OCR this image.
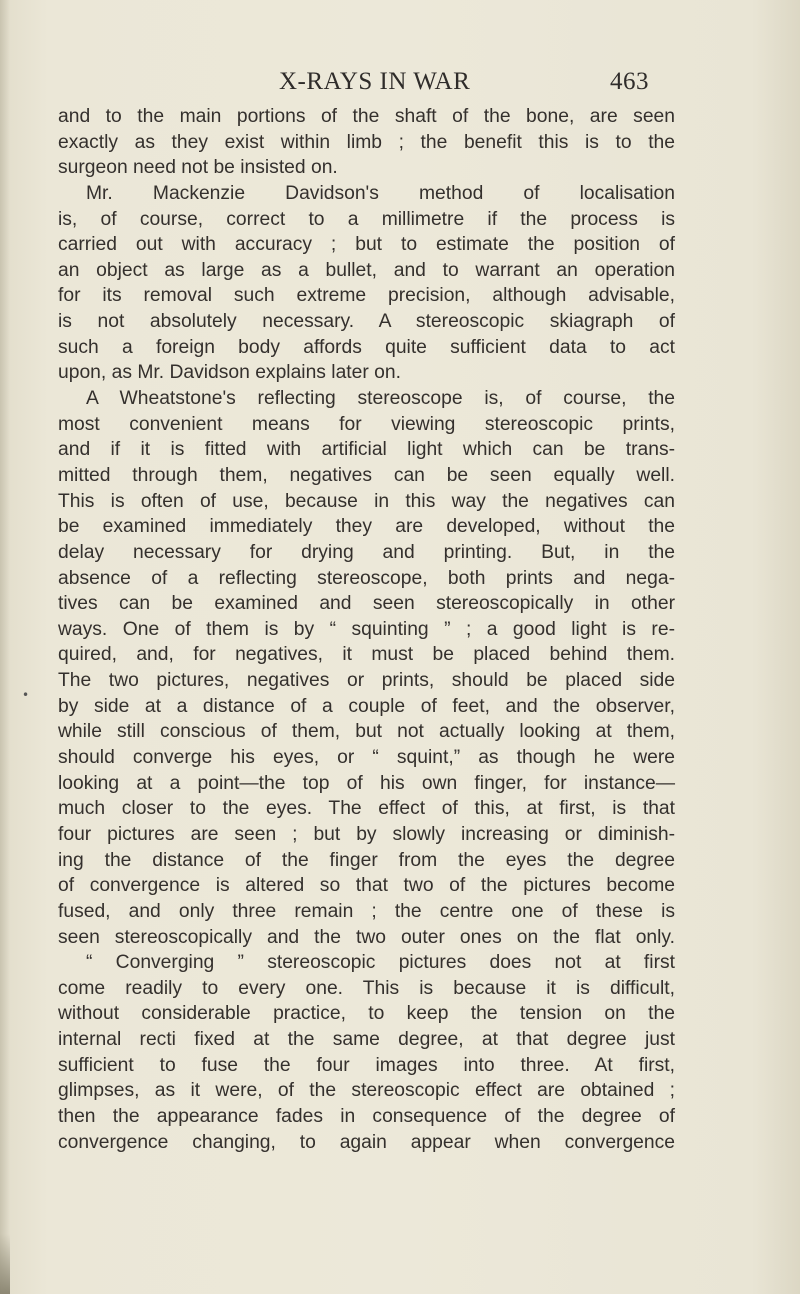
X-RAYS IN WAR	463
and to the main portions of the shaft of the bone, are seen
exactly as they exist within limb ; the benefit this is to the
surgeon need not be insisted on.
Mr. Mackenzie Davidson's method of localisation
is, of course, correct to a millimetre if the process is
carried out with accuracy ; but to estimate the position of
an object as large as a bullet, and to warrant an operation
for its removal such extreme precision, although advisable,
is not absolutely necessary. A stereoscopic skiagraph of
such a foreign body affords quite sufficient data to act
upon, as Mr. Davidson explains later on.
A Wheatstone's reflecting stereoscope is, of course, the
most convenient means for viewing stereoscopic prints,
and if it is fitted with artificial light which can be trans-
mitted through them, negatives can be seen equally well.
This is often of use, because in this way the negatives can
be examined immediately they are developed, without the
delay necessary for drying and printing. But, in the
absence of a reflecting stereoscope, both prints and nega-
tives can be examined and seen stereoscopically in other
ways. One of them is by “ squinting ” ; a good light is re-
quired, and, for negatives, it must be placed behind them.
The two pictures, negatives or prints, should be placed side
by side at a distance of a couple of feet, and the observer,
while still conscious of them, but not actually looking at them,
should converge his eyes, or “ squint,” as though he were
looking at a point—the top of his own finger, for instance—
much closer to the eyes. The effect of this, at first, is that
four pictures are seen ; but by slowly increasing or diminish-
ing the distance of the finger from the eyes the degree
of convergence is altered so that two of the pictures become
fused, and only three remain ; the centre one of these is
seen stereoscopically and the two outer ones on the flat only.
“ Converging ” stereoscopic pictures does not at first
come readily to every one. This is because it is difficult,
without considerable practice, to keep the tension on the
internal recti fixed at the same degree, at that degree just
sufficient to fuse the four images into three. At first,
glimpses, as it were, of the stereoscopic effect are obtained ;
then the appearance fades in consequence of the degree of
convergence changing, to again appear when convergence
•
